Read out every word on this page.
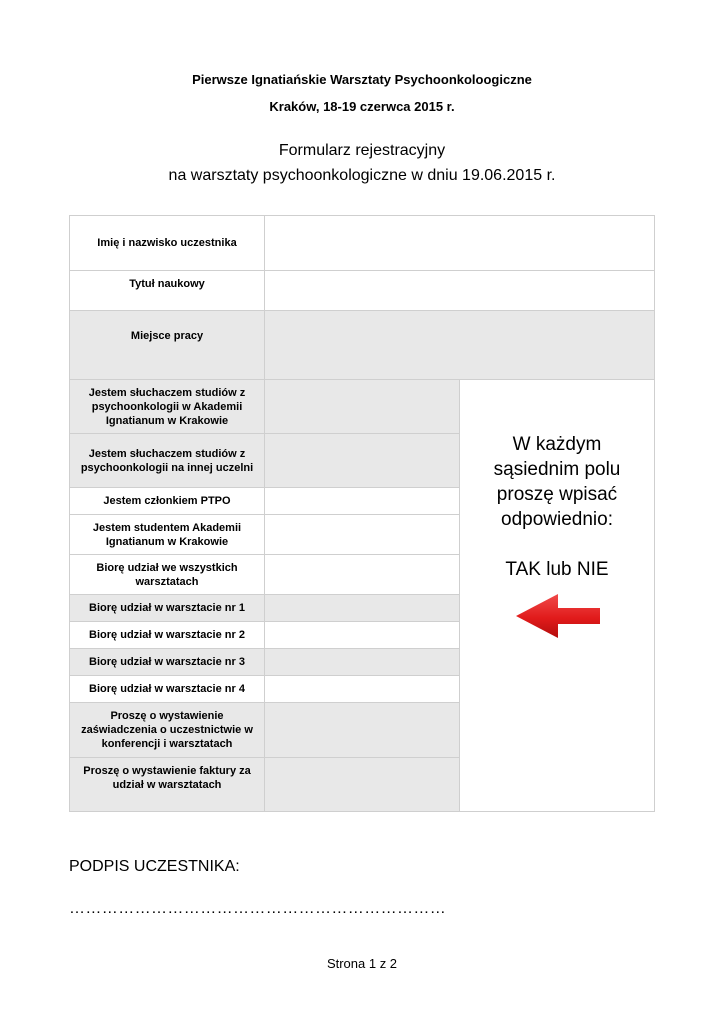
Pierwsze Ignatiańskie Warsztaty Psychoonkoloogiczne
Kraków, 18-19 czerwca 2015 r.
Formularz rejestracyjny
na warsztaty psychoonkologiczne w dniu 19.06.2015 r.
Imię i nazwisko uczestnika
Tytuł naukowy
Miejsce pracy
Jestem słuchaczem studiów z psychoonkologii w Akademii Ignatianum w Krakowie
Jestem słuchaczem studiów z psychoonkologii na innej uczelni
Jestem członkiem PTPO
Jestem studentem Akademii Ignatianum w Krakowie
Biorę udział we wszystkich warsztatach
Biorę udział w warsztacie nr 1
Biorę udział w warsztacie nr 2
Biorę udział w warsztacie nr 3
Biorę udział w warsztacie nr 4
Proszę o wystawienie zaświadczenia o uczestnictwie w konferencji i warsztatach
Proszę o wystawienie faktury za udział w warsztatach
W każdym sąsiednim polu proszę wpisać odpowiednio:
TAK lub NIE
PODPIS UCZESTNIKA:
……………………………………………………………
Strona 1 z 2
